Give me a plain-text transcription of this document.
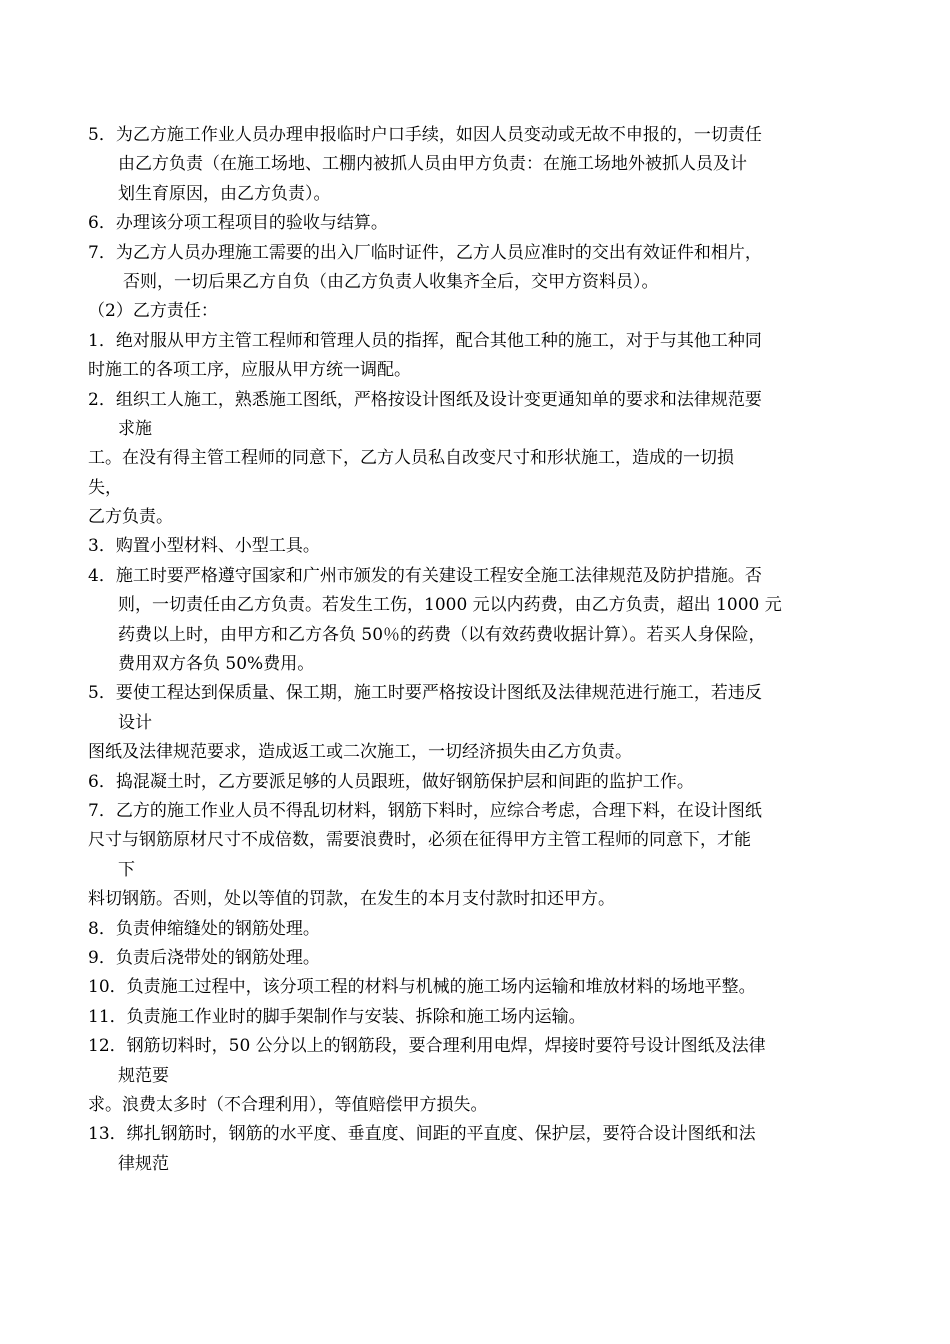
5．为乙方施工作业人员办理申报临时户口手续，如因人员变动或无故不申报的，一切责任
由乙方负责（在施工场地、工棚内被抓人员由甲方负责：在施工场地外被抓人员及计
划生育原因，由乙方负责）。
6．办理该分项工程项目的验收与结算。
7．为乙方人员办理施工需要的出入厂临时证件，乙方人员应准时的交出有效证件和相片，
否则，一切后果乙方自负（由乙方负责人收集齐全后，交甲方资料员）。
（2）乙方责任：
1．绝对服从甲方主管工程师和管理人员的指挥，配合其他工种的施工，对于与其他工种同
时施工的各项工序，应服从甲方统一调配。
2．组织工人施工，熟悉施工图纸，严格按设计图纸及设计变更通知单的要求和法律规范要
求施
工。在没有得主管工程师的同意下，乙方人员私自改变尺寸和形状施工，造成的一切损
失，
乙方负责。
3．购置小型材料、小型工具。
4．施工时要严格遵守国家和广州市颁发的有关建设工程安全施工法律规范及防护措施。否
则，一切责任由乙方负责。若发生工伤，1000 元以内药费，由乙方负责，超出 1000 元
药费以上时，由甲方和乙方各负 50％的药费（以有效药费收据计算）。若买人身保险，
费用双方各负 50%费用。
5．要使工程达到保质量、保工期，施工时要严格按设计图纸及法律规范进行施工，若违反
设计
图纸及法律规范要求，造成返工或二次施工，一切经济损失由乙方负责。
6．捣混凝土时，乙方要派足够的人员跟班，做好钢筋保护层和间距的监护工作。
7．乙方的施工作业人员不得乱切材料，钢筋下料时，应综合考虑，合理下料，在设计图纸
尺寸与钢筋原材尺寸不成倍数，需要浪费时，必须在征得甲方主管工程师的同意下，才能
下
料切钢筋。否则，处以等值的罚款，在发生的本月支付款时扣还甲方。
8．负责伸缩缝处的钢筋处理。
9．负责后浇带处的钢筋处理。
10．负责施工过程中，该分项工程的材料与机械的施工场内运输和堆放材料的场地平整。
11．负责施工作业时的脚手架制作与安装、拆除和施工场内运输。
12．钢筋切料时，50 公分以上的钢筋段，要合理利用电焊，焊接时要符号设计图纸及法律
规范要
求。浪费太多时（不合理利用），等值赔偿甲方损失。
13．绑扎钢筋时，钢筋的水平度、垂直度、间距的平直度、保护层，要符合设计图纸和法
律规范
